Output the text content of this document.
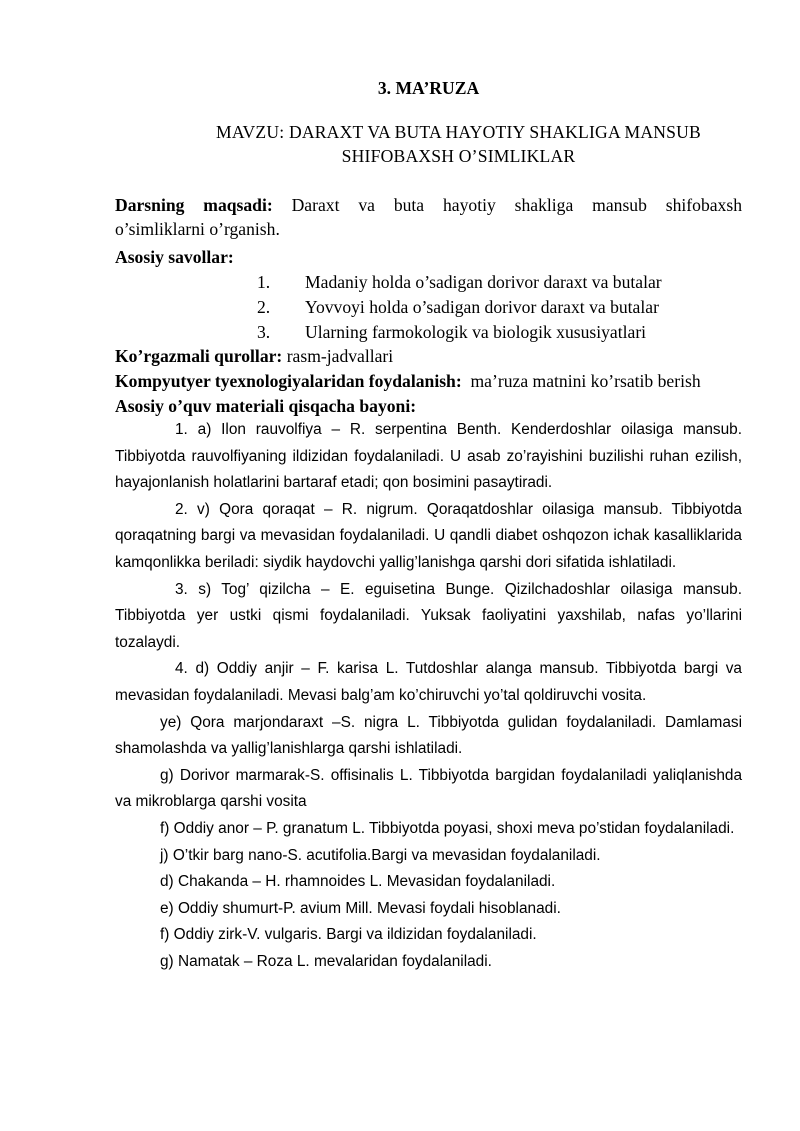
3. MA’RUZA
MAVZU: DARAXT VA BUTA HAYOTIY SHAKLIGA MANSUB SHIFOBAXSH O’SIMLIKLAR
Darsning maqsadi: Daraxt va buta hayotiy shakliga mansub shifobaxsh
o’simliklarni o’rganish.
Asosiy savollar:
1. Madaniy holda o’sadigan dorivor daraxt va butalar
2. Yovvoyi holda o’sadigan dorivor daraxt va butalar
3. Ularning farmokologik va biologik xususiyatlari
Ko’rgazmali qurollar: rasm-jadvallari
Kompyutyer tyexnologiyalaridan foydalanish: ma’ruza matnini ko’rsatib berish
Asosiy o’quv materiali qisqacha bayoni:

1. a) Ilon rauvolfiya – R. serpentina Benth. Kenderdoshlar oilasiga mansub. Tibbiyotda rauvolfiyaning ildizidan foydalaniladi. U asab zo’rayishini buzilishi ruhan ezilish, hayajonlanish holatlarini bartaraf etadi; qon bosimini pasaytiradi.

2. v) Qora qoraqat – R. nigrum. Qoraqatdoshlar oilasiga mansub. Tibbiyotda qoraqatning bargi va mevasidan foydalaniladi. U qandli diabet oshqozon ichak kasalliklarida kamqonlikka beriladi: siydik haydovchi yallig’lanishga qarshi dori sifatida ishlatiladi.

3. s) Tog’ qizilcha – E. eguisetina Bunge. Qizilchadoshlar oilasiga mansub. Tibbiyotda yer ustki qismi foydalaniladi. Yuksak faoliyatini yaxshilab, nafas yo’llarini tozalaydi.

4. d) Oddiy anjir – F. karisa L. Tutdoshlar alanga mansub. Tibbiyotda bargi va mevasidan foydalaniladi. Mevasi balg’am ko’chiruvchi yo’tal qoldiruvchi vosita.

ye) Qora marjondaraxt –S. nigra L. Tibbiyotda gulidan foydalaniladi. Damlamasi shamolashda va yallig’lanishlarga qarshi ishlatiladi.

g) Dorivor marmarak-S. offisinalis L. Tibbiyotda bargidan foydalaniladi yaliqlanishda va mikroblarga qarshi vosita

f) Oddiy anor – P. granatum L. Tibbiyotda poyasi, shoxi meva po’stidan foydalaniladi.

j) O’tkir barg nano-S. acutifolia.Bargi va mevasidan foydalaniladi.

d) Chakanda – H. rhamnoides L. Mevasidan foydalaniladi.

e) Oddiy shumurt-P. avium Mill. Mevasi foydali hisoblanadi.

f) Oddiy zirk-V. vulgaris. Bargi va ildizidan foydalaniladi.

g) Namatak – Roza L. mevalaridan foydalaniladi.
